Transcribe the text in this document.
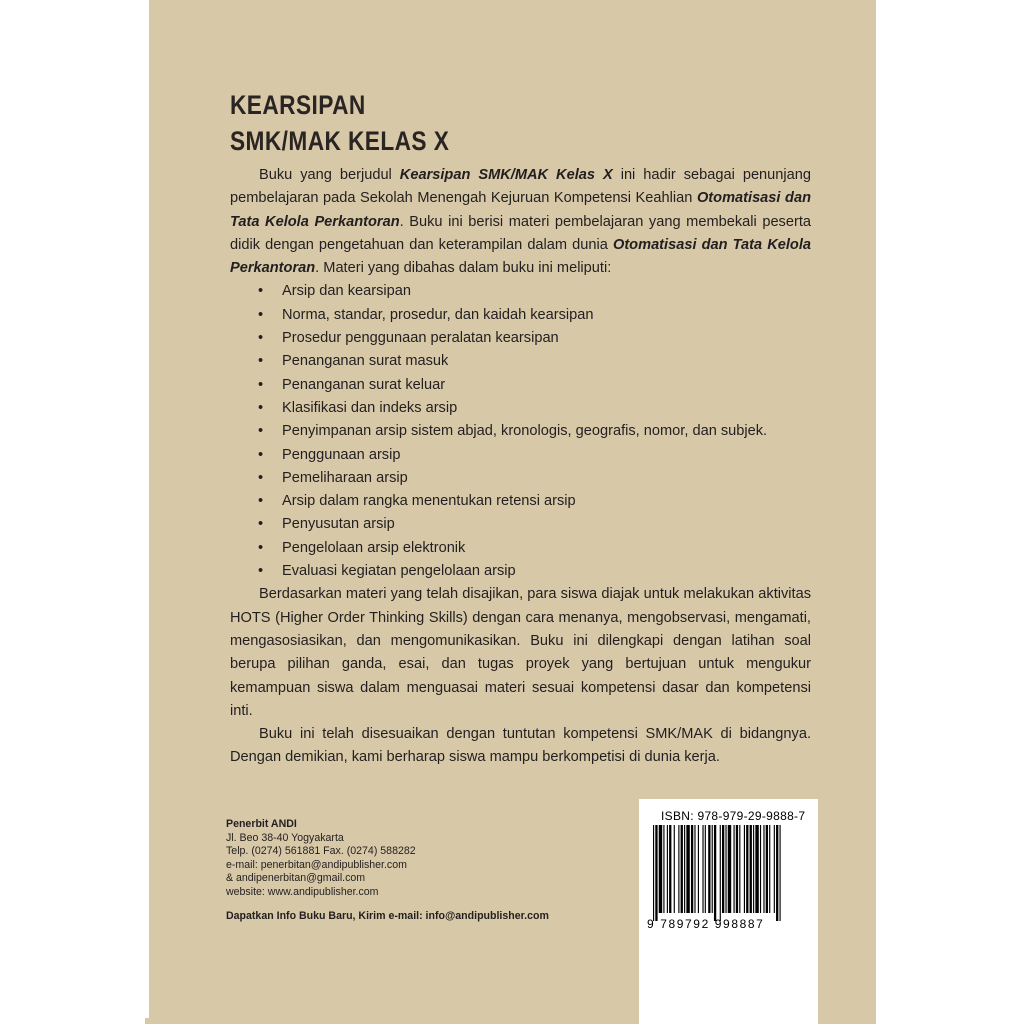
KEARSIPAN
SMK/MAK KELAS X

Buku yang berjudul Kearsipan SMK/MAK Kelas X ini hadir sebagai penunjang pembelajaran pada Sekolah Menengah Kejuruan Kompetensi Keahlian Otomatisasi dan Tata Kelola Perkantoran. Buku ini berisi materi pembelajaran yang membekali peserta didik dengan pengetahuan dan keterampilan dalam dunia Otomatisasi dan Tata Kelola Perkantoran. Materi yang dibahas dalam buku ini meliputi:

• Arsip dan kearsipan
• Norma, standar, prosedur, dan kaidah kearsipan
• Prosedur penggunaan peralatan kearsipan
• Penanganan surat masuk
• Penanganan surat keluar
• Klasifikasi dan indeks arsip
• Penyimpanan arsip sistem abjad, kronologis, geografis, nomor, dan subjek.
• Penggunaan arsip
• Pemeliharaan arsip
• Arsip dalam rangka menentukan retensi arsip
• Penyusutan arsip
• Pengelolaan arsip elektronik
• Evaluasi kegiatan pengelolaan arsip

Berdasarkan materi yang telah disajikan, para siswa diajak untuk melakukan aktivitas HOTS (Higher Order Thinking Skills) dengan cara menanya, mengobservasi, mengamati, mengasosiasikan, dan mengomunikasikan. Buku ini dilengkapi dengan latihan soal berupa pilihan ganda, esai, dan tugas proyek yang bertujuan untuk mengukur kemampuan siswa dalam menguasai materi sesuai kompetensi dasar dan kompetensi inti.

Buku ini telah disesuaikan dengan tuntutan kompetensi SMK/MAK di bidangnya. Dengan demikian, kami berharap siswa mampu berkompetisi di dunia kerja.

Penerbit ANDI
Jl. Beo 38-40 Yogyakarta
Telp. (0274) 561881 Fax. (0274) 588282
e-mail: penerbitan@andipublisher.com
& andipenerbitan@gmail.com
website: www.andipublisher.com
Dapatkan Info Buku Baru, Kirim e-mail: info@andipublisher.com
ISBN: 978-979-29-9888-7
9 789792 998887
